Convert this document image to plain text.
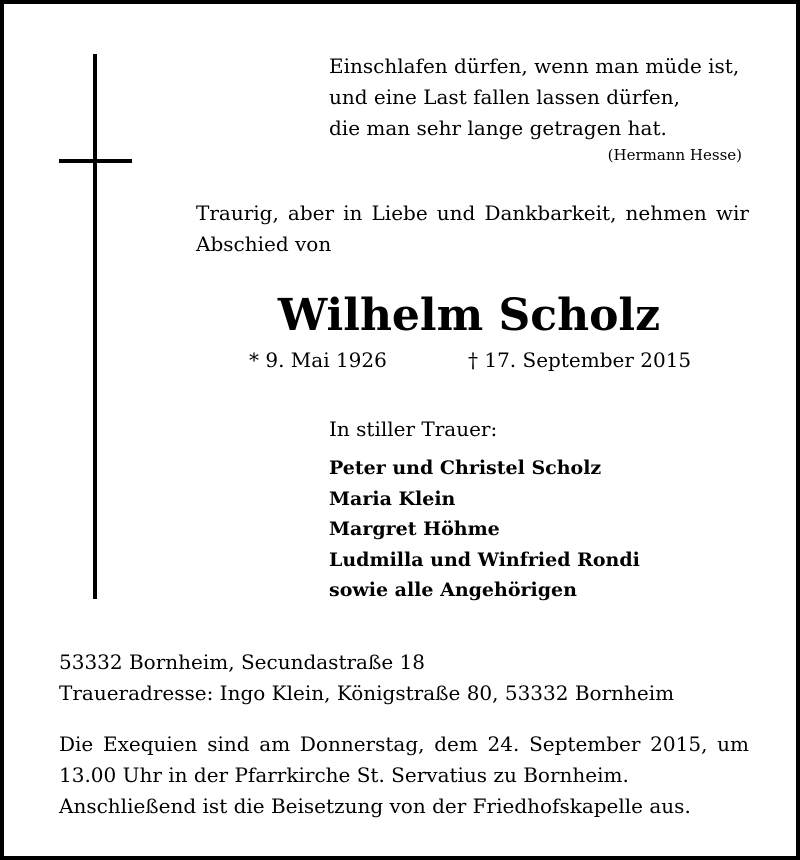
Einschlafen dürfen, wenn man müde ist,
und eine Last fallen lassen dürfen,
die man sehr lange getragen hat.
(Hermann Hesse)
Traurig, aber in Liebe und Dankbarkeit, nehmen wir Abschied von
Wilhelm Scholz
* 9. Mai 1926	† 17. September 2015
In stiller Trauer:
Peter und Christel Scholz
Maria Klein
Margret Höhme
Ludmilla und Winfried Rondi
sowie alle Angehörigen
53332 Bornheim, Secundastraße 18
Traueradresse: Ingo Klein, Königstraße 80, 53332 Bornheim
Die Exequien sind am Donnerstag, dem 24. September 2015, um
13.00 Uhr in der Pfarrkirche St. Servatius zu Bornheim.
Anschließend ist die Beisetzung von der Friedhofskapelle aus.
